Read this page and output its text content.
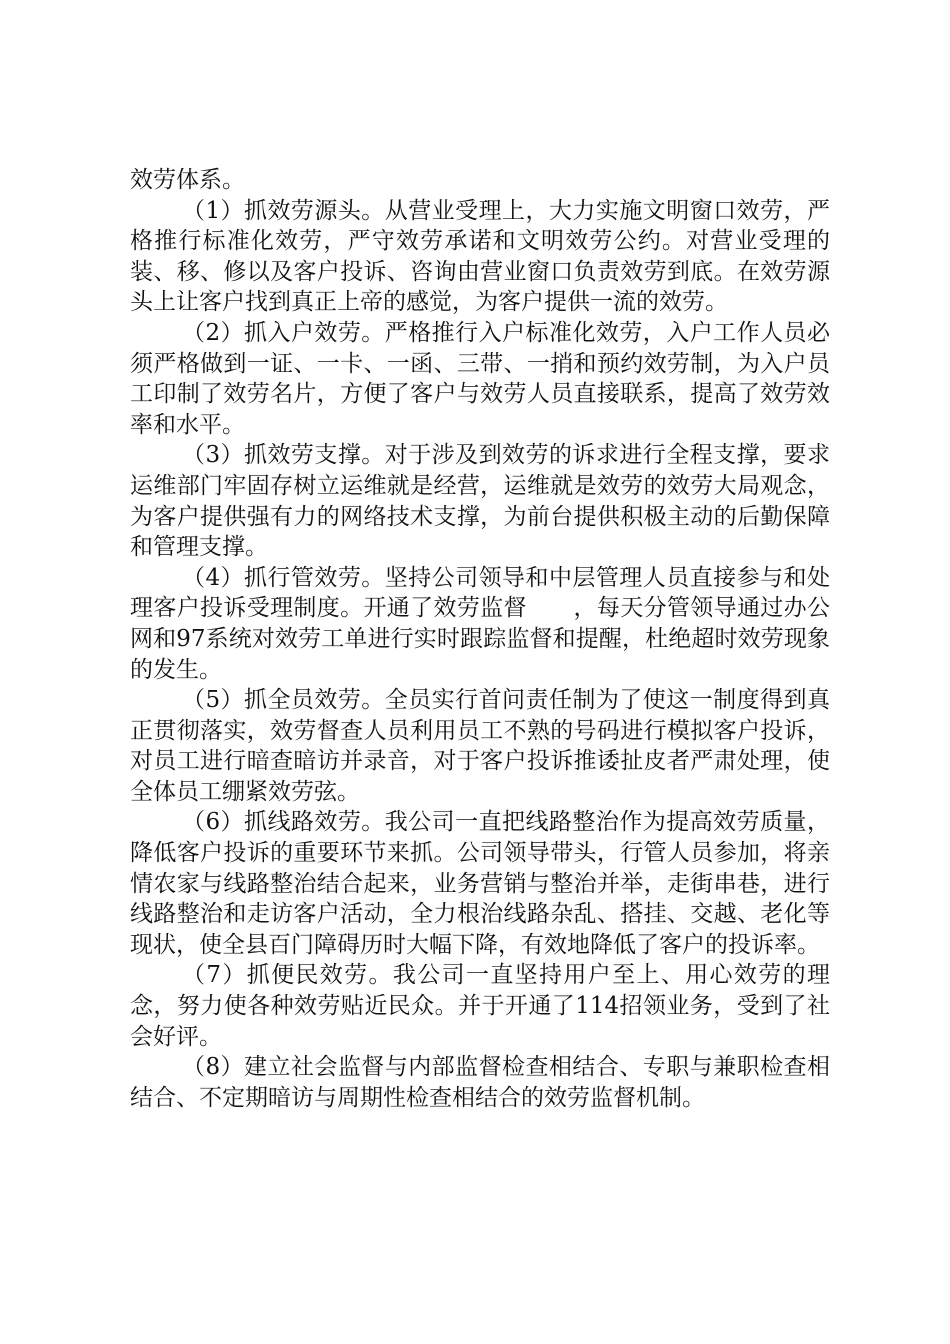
效劳体系。

（1）抓效劳源头。从营业受理上，大力实施文明窗口效劳，严格推行标准化效劳，严守效劳承诺和文明效劳公约。对营业受理的装、移、修以及客户投诉、咨询由营业窗口负责效劳到底。在效劳源头上让客户找到真正上帝的感觉，为客户提供一流的效劳。

（2）抓入户效劳。严格推行入户标准化效劳，入户工作人员必须严格做到一证、一卡、一函、三带、一捎和预约效劳制，为入户员工印制了效劳名片，方便了客户与效劳人员直接联系，提高了效劳效率和水平。

（3）抓效劳支撑。对于涉及到效劳的诉求进行全程支撑，要求运维部门牢固存树立运维就是经营，运维就是效劳的效劳大局观念，为客户提供强有力的网络技术支撑，为前台提供积极主动的后勤保障和管理支撑。

（4）抓行管效劳。坚持公司领导和中层管理人员直接参与和处理客户投诉受理制度。开通了效劳监督　　，每天分管领导通过办公网和97系统对效劳工单进行实时跟踪监督和提醒，杜绝超时效劳现象的发生。

（5）抓全员效劳。全员实行首问责任制为了使这一制度得到真正贯彻落实，效劳督查人员利用员工不熟的号码进行模拟客户投诉，对员工进行暗查暗访并录音，对于客户投诉推诿扯皮者严肃处理，使全体员工绷紧效劳弦。

（6）抓线路效劳。我公司一直把线路整治作为提高效劳质量，降低客户投诉的重要环节来抓。公司领导带头，行管人员参加，将亲情农家与线路整治结合起来，业务营销与整治并举，走街串巷，进行线路整治和走访客户活动，全力根治线路杂乱、搭挂、交越、老化等现状，使全县百门障碍历时大幅下降，有效地降低了客户的投诉率。

（7）抓便民效劳。我公司一直坚持用户至上、用心效劳的理念，努力使各种效劳贴近民众。并于开通了114招领业务，受到了社会好评。

（8）建立社会监督与内部监督检查相结合、专职与兼职检查相结合、不定期暗访与周期性检查相结合的效劳监督机制。
